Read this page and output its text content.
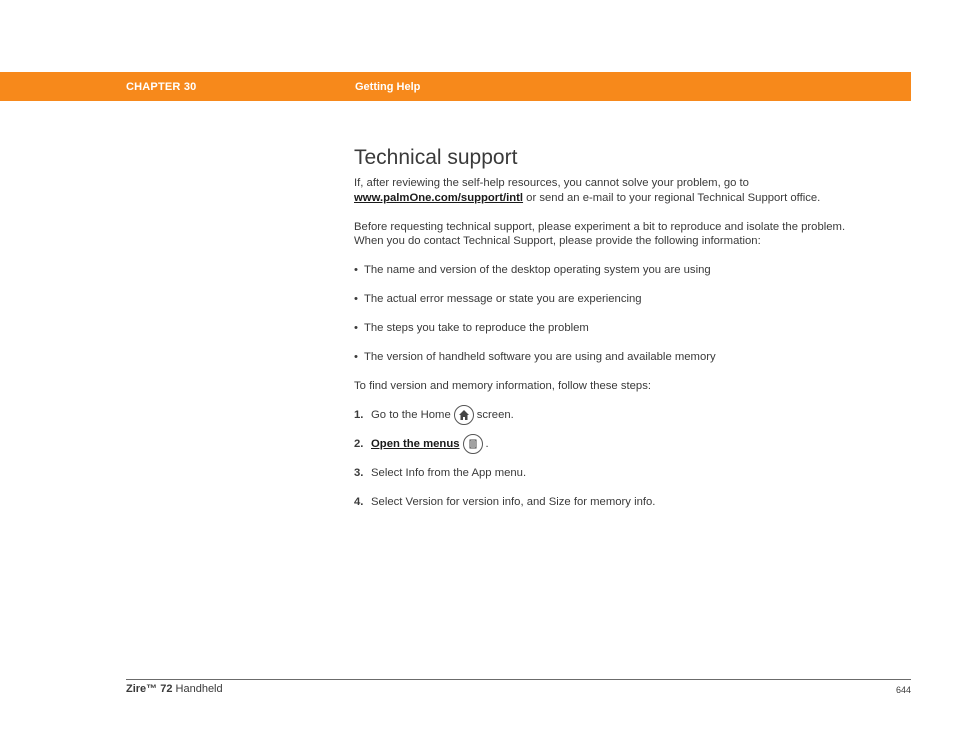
CHAPTER 30	Getting Help
Technical support

If, after reviewing the self-help resources, you cannot solve your problem, go to
www.palmOne.com/support/intl or send an e-mail to your regional Technical Support office.

Before requesting technical support, please experiment a bit to reproduce and isolate the problem.
When you do contact Technical Support, please provide the following information:

• The name and version of the desktop operating system you are using
• The actual error message or state you are experiencing
• The steps you take to reproduce the problem
• The version of handheld software you are using and available memory

To find version and memory information, follow these steps:

1. Go to the Home screen.
2. Open the menus .
3. Select Info from the App menu.
4. Select Version for version info, and Size for memory info.
Zire™ 72 Handheld	644
